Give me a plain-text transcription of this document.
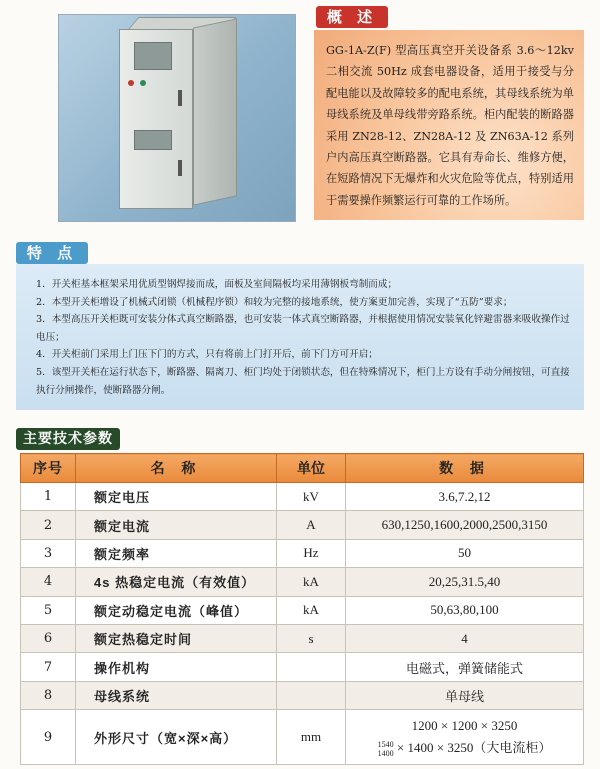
概 述
GG-1A-Z(F) 型高压真空开关设备系 3.6～12kv 二相交流 50Hz 成套电器设备，适用于接受与分配电能以及故障较多的配电系统，其母线系统为单母线系统及单母线带旁路系统。柜内配装的断路器采用 ZN28-12、ZN28A-12 及 ZN63A-12 系列户内高压真空断路器。它具有寿命长、维修方便，在短路情况下无爆炸和火灾危险等优点，特别适用于需要操作频繁运行可靠的工作场所。
特 点

1．开关柜基本框架采用优质型钢焊接而成，面板及室间隔板均采用薄钢板弯制而成；

2．本型开关柜增设了机械式闭锁（机械程序锁）和较为完整的接地系统，使方案更加完善，实现了“五防”要求；

3．本型高压开关柜既可安装分体式真空断路器，也可安装一体式真空断路器，并根据使用情况安装氧化锌避雷器来吸收操作过电压；

4．开关柜前门采用上门压下门的方式，只有将前上门打开后，前下门方可开启；

5．该型开关柜在运行状态下，断路器、隔离刀、柜门均处于闭锁状态，但在特殊情况下，柜门上方设有手动分闸按钮，可直接执行分闸操作，使断路器分闸。

主要技术参数
序号	名 称	单位	数 据
1	额定电压	kV	3.6,7.2,12
2	额定电流	A	630,1250,1600,2000,2500,3150
3	额定频率	Hz	50
4	4s 热稳定电流（有效值）	kA	20,25,31.5,40
5	额定动稳定电流（峰值）	kA	50,63,80,100
6	额定热稳定时间	s	4
7	操作机构		电磁式，弹簧储能式
8	母线系统		单母线
9	外形尺寸（宽×深×高）	mm	1200 × 1200 × 3250
1540
1400 × 1400 × 3250（大电流柜）
